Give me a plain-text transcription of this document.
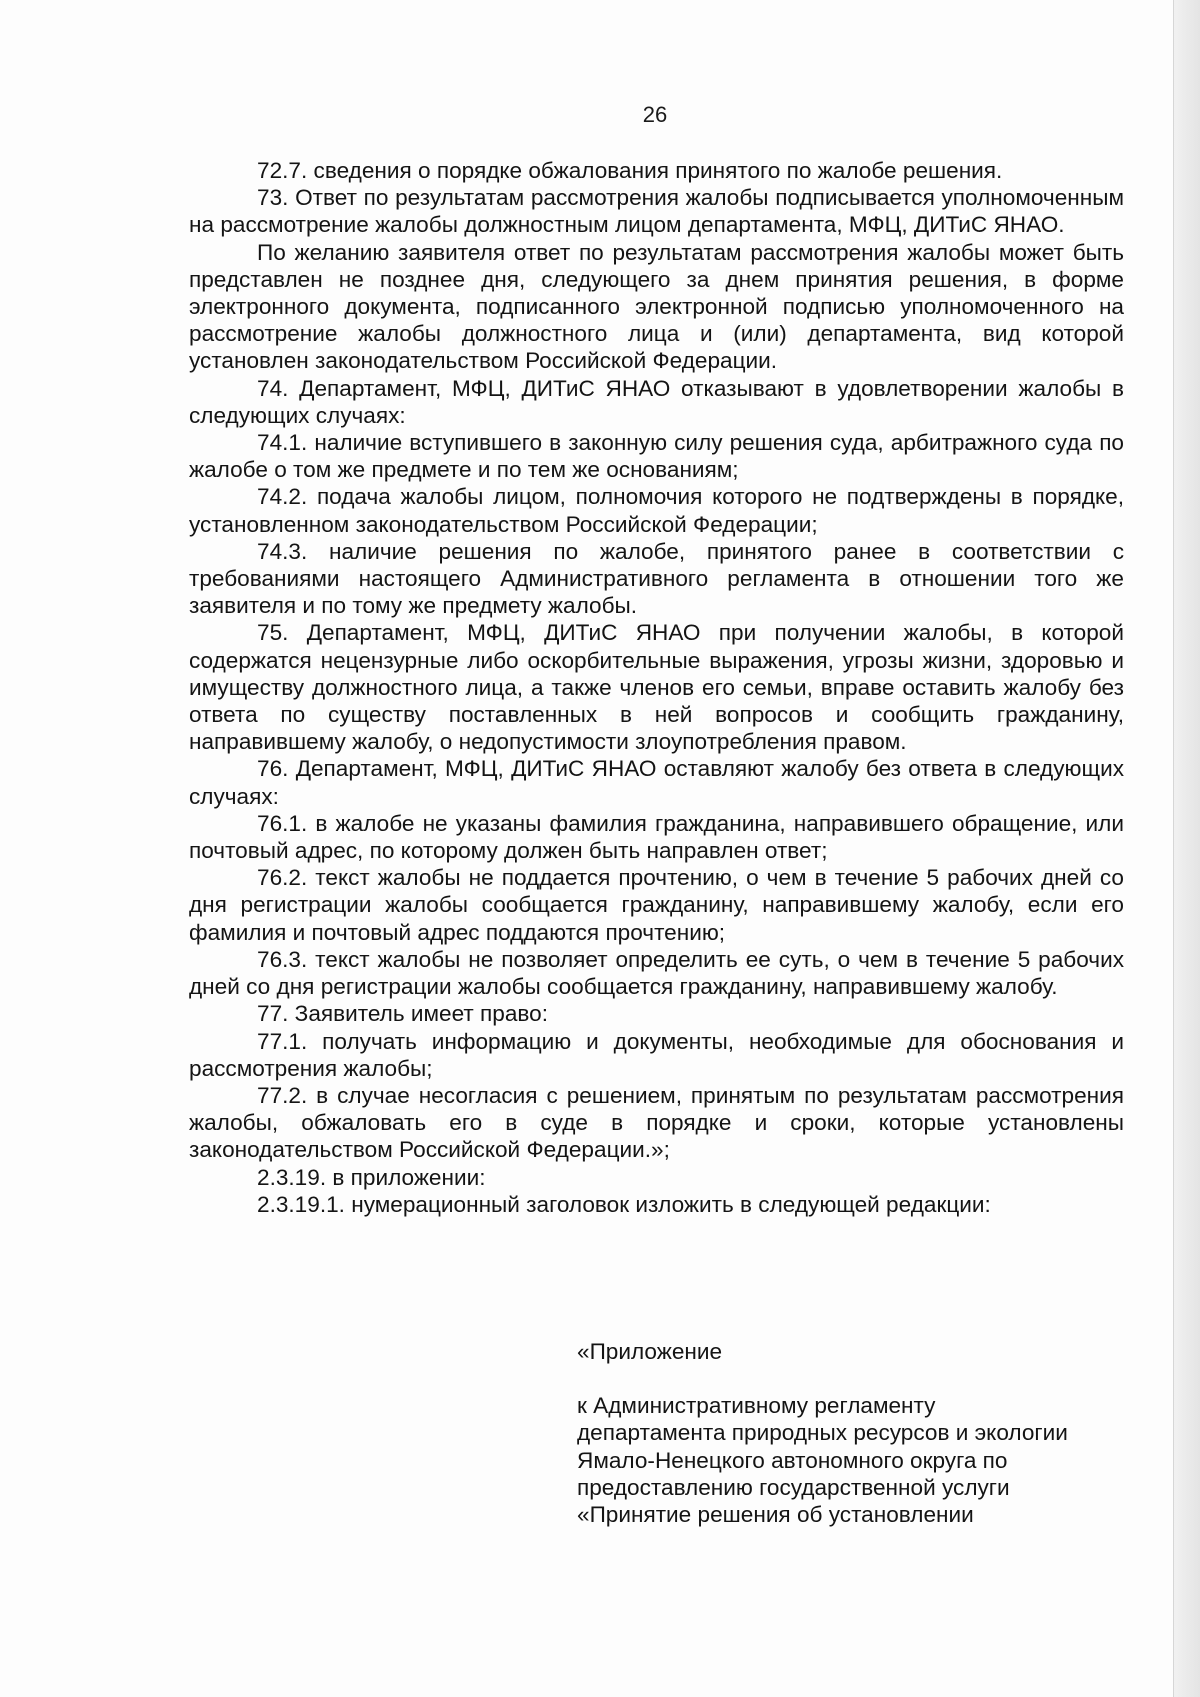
26

72.7. сведения о порядке обжалования принятого по жалобе решения.

73. Ответ по результатам рассмотрения жалобы подписывается уполномоченным на рассмотрение жалобы должностным лицом департамента, МФЦ, ДИТиС ЯНАО.

По желанию заявителя ответ по результатам рассмотрения жалобы может быть представлен не позднее дня, следующего за днем принятия решения, в форме электронного документа, подписанного электронной подписью уполномоченного на рассмотрение жалобы должностного лица и (или) департамента, вид которой установлен законодательством Российской Федерации.

74. Департамент, МФЦ, ДИТиС ЯНАО отказывают в удовлетворении жалобы в следующих случаях:

74.1. наличие вступившего в законную силу решения суда, арбитражного суда по жалобе о том же предмете и по тем же основаниям;

74.2. подача жалобы лицом, полномочия которого не подтверждены в порядке, установленном законодательством Российской Федерации;

74.3. наличие решения по жалобе, принятого ранее в соответствии с требованиями настоящего Административного регламента в отношении того же заявителя и по тому же предмету жалобы.

75. Департамент, МФЦ, ДИТиС ЯНАО при получении жалобы, в которой содержатся нецензурные либо оскорбительные выражения, угрозы жизни, здоровью и имуществу должностного лица, а также членов его семьи, вправе оставить жалобу без ответа по существу поставленных в ней вопросов и сообщить гражданину, направившему жалобу, о недопустимости злоупотребления правом.

76. Департамент, МФЦ, ДИТиС ЯНАО оставляют жалобу без ответа в следующих случаях:

76.1. в жалобе не указаны фамилия гражданина, направившего обращение, или почтовый адрес, по которому должен быть направлен ответ;

76.2. текст жалобы не поддается прочтению, о чем в течение 5 рабочих дней со дня регистрации жалобы сообщается гражданину, направившему жалобу, если его фамилия и почтовый адрес поддаются прочтению;

76.3. текст жалобы не позволяет определить ее суть, о чем в течение 5 рабочих дней со дня регистрации жалобы сообщается гражданину, направившему жалобу.

77. Заявитель имеет право:

77.1. получать информацию и документы, необходимые для обоснования и рассмотрения жалобы;

77.2. в случае несогласия с решением, принятым по результатам рассмотрения жалобы, обжаловать его в суде в порядке и сроки, которые установлены законодательством Российской Федерации.»;

2.3.19. в приложении:

2.3.19.1. нумерационный заголовок изложить в следующей редакции:

«Приложение

к Административному регламенту

департамента природных ресурсов и экологии

Ямало-Ненецкого автономного округа по

предоставлению государственной услуги

«Принятие решения об установлении
